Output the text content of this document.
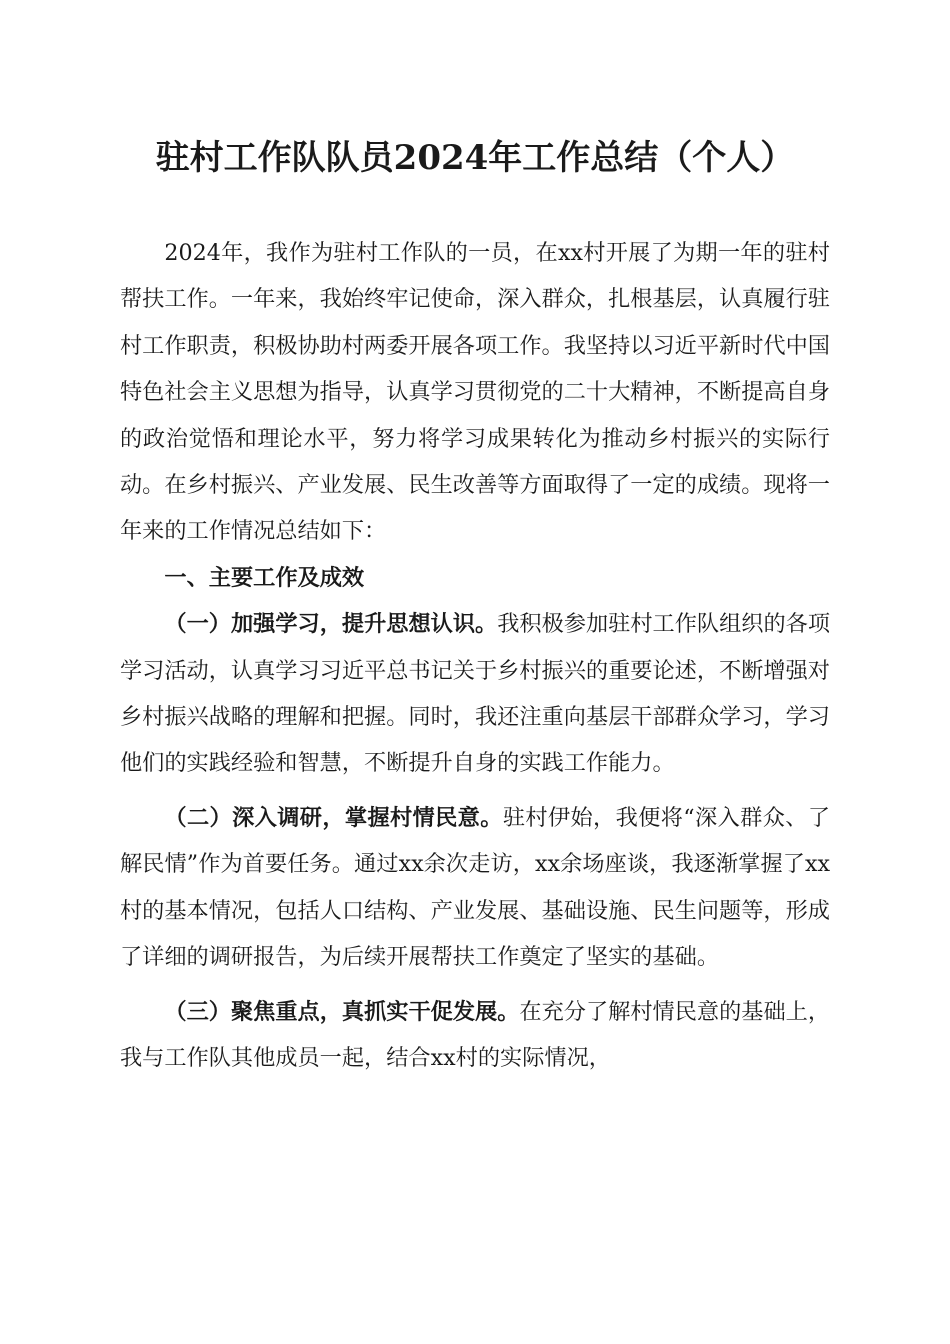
驻村工作队队员2024年工作总结（个人）

2024年，我作为驻村工作队的一员，在xx村开展了为期一年的驻村帮扶工作。一年来，我始终牢记使命，深入群众，扎根基层，认真履行驻村工作职责，积极协助村两委开展各项工作。我坚持以习近平新时代中国特色社会主义思想为指导，认真学习贯彻党的二十大精神，不断提高自身的政治觉悟和理论水平，努力将学习成果转化为推动乡村振兴的实际行动。在乡村振兴、产业发展、民生改善等方面取得了一定的成绩。现将一年来的工作情况总结如下：

一、主要工作及成效

（一）加强学习，提升思想认识。我积极参加驻村工作队组织的各项学习活动，认真学习习近平总书记关于乡村振兴的重要论述，不断增强对乡村振兴战略的理解和把握。同时，我还注重向基层干部群众学习，学习他们的实践经验和智慧，不断提升自身的实践工作能力。

（二）深入调研，掌握村情民意。驻村伊始，我便将“深入群众、了解民情”作为首要任务。通过xx余次走访，xx余场座谈，我逐渐掌握了xx村的基本情况，包括人口结构、产业发展、基础设施、民生问题等，形成了详细的调研报告，为后续开展帮扶工作奠定了坚实的基础。

（三）聚焦重点，真抓实干促发展。在充分了解村情民意的基础上，我与工作队其他成员一起，结合xx村的实际情况，
